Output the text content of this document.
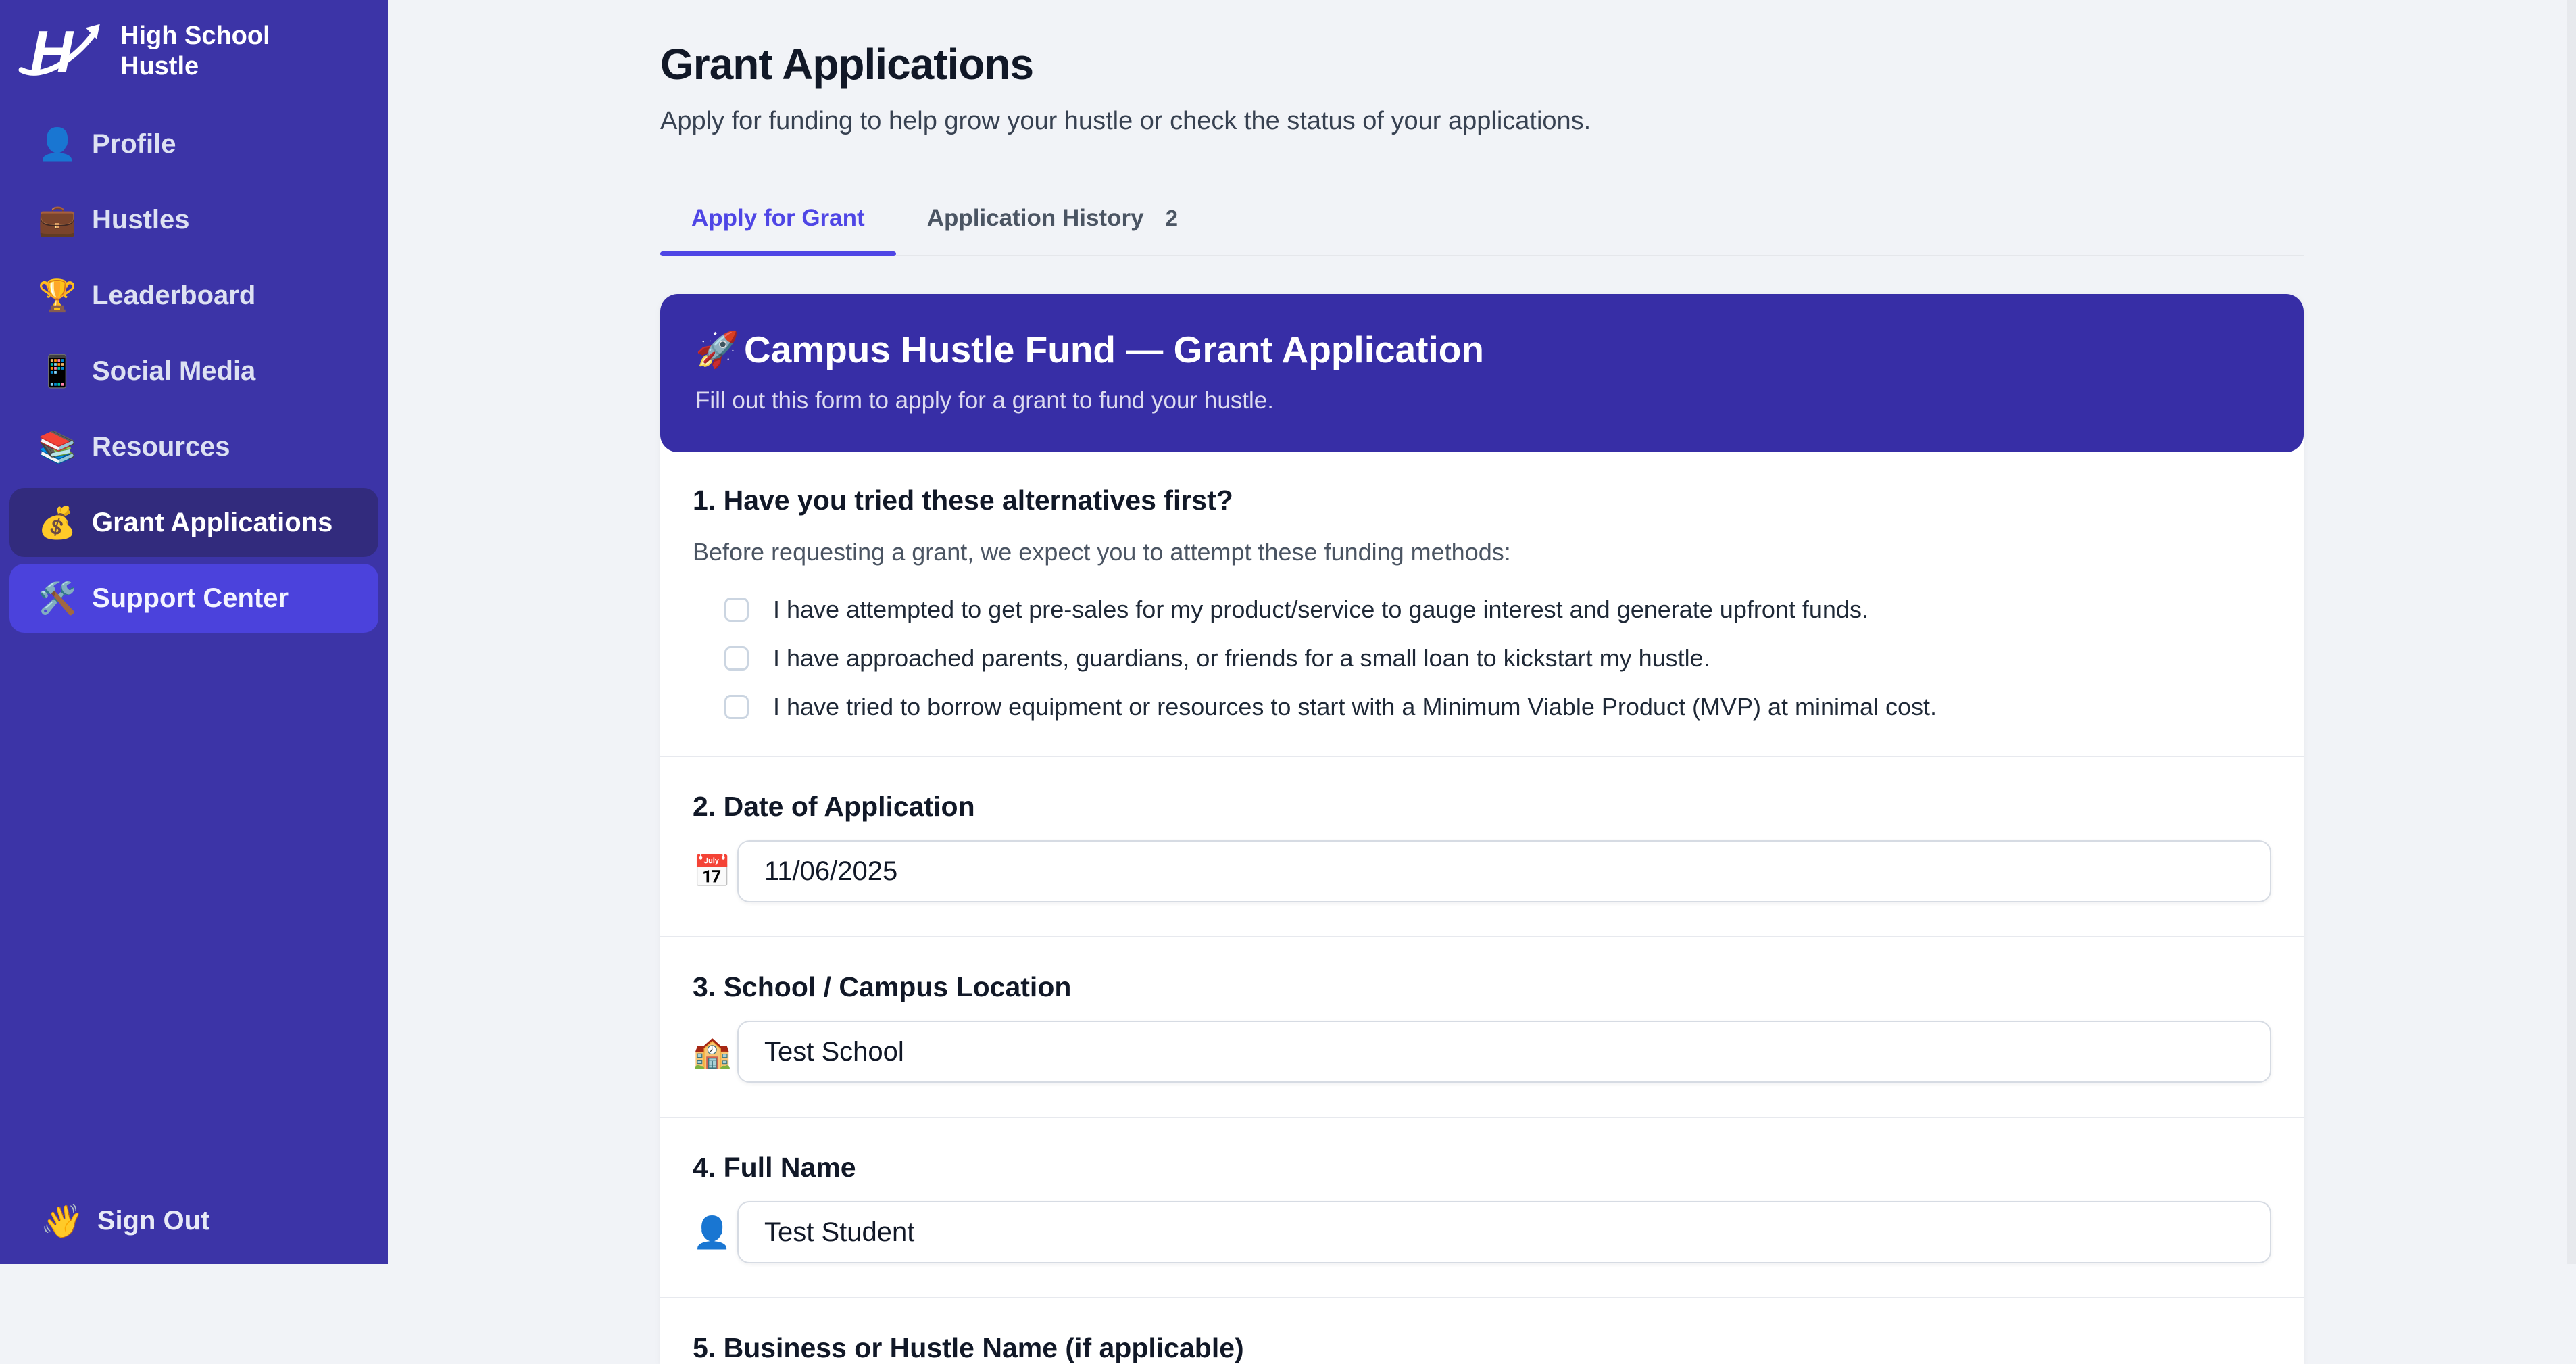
H High School
Hustle
👤 Profile
💼 Hustles
🏆 Leaderboard
📱 Social Media
📚 Resources
💰 Grant Applications
🛠️ Support Center
👋 Sign Out
Grant Applications

Apply for funding to help grow your hustle or check the status of your applications.

Apply for Grant	Application History 2
🚀 Campus Hustle Fund — Grant Application

Fill out this form to apply for a grant to fund your hustle.

1. Have you tried these alternatives first?

Before requesting a grant, we expect you to attempt these funding methods:

I have attempted to get pre-sales for my product/service to gauge interest and generate upfront funds.
I have approached parents, guardians, or friends for a small loan to kickstart my hustle.
I have tried to borrow equipment or resources to start with a Minimum Viable Product (MVP) at minimal cost.
2. Date of Application
📅
11/06/2025
3. School / Campus Location
🏫
Test School
4. Full Name
👤
Test Student
5. Business or Hustle Name (if applicable)
